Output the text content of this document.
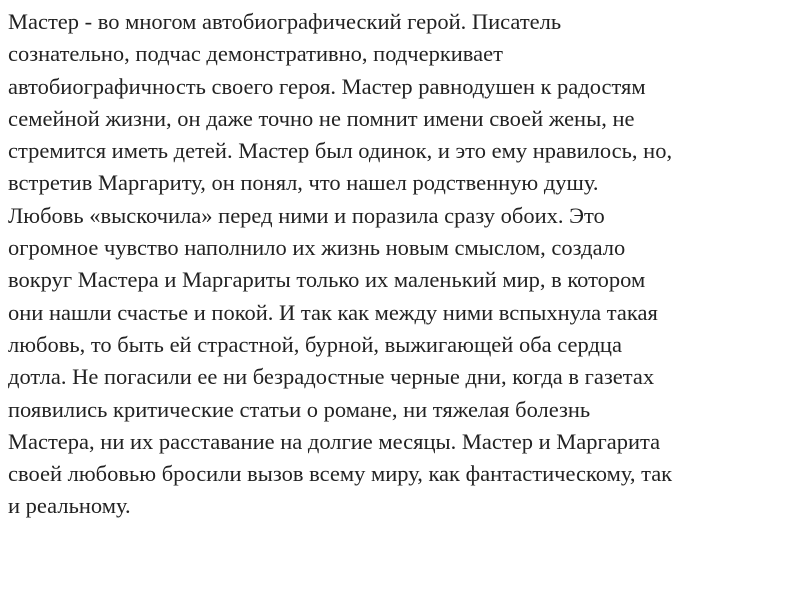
Мастер - во многом автобиографический герой. Писатель
сознательно, подчас демонстративно, подчеркивает
автобиографичность своего героя. Мастер равнодушен к радостям
семейной жизни, он даже точно не помнит имени своей жены, не
стремится иметь детей. Мастер был одинок, и это ему нравилось, но,
встретив Маргариту, он понял, что нашел родственную душу.
Любовь «выскочила» перед ними и поразила сразу обоих. Это
огромное чувство наполнило их жизнь новым смыслом, создало
вокруг Мастера и Маргариты только их маленький мир, в котором
они нашли счастье и покой. И так как между ними вспыхнула такая
любовь, то быть ей страстной, бурной, выжигающей оба сердца
дотла. Не погасили ее ни безрадостные черные дни, когда в газетах
появились критические статьи о романе, ни тяжелая болезнь
Мастера, ни их расставание на долгие месяцы. Мастер и Маргарита
своей любовью бросили вызов всему миру, как фантастическому, так
и реальному.
